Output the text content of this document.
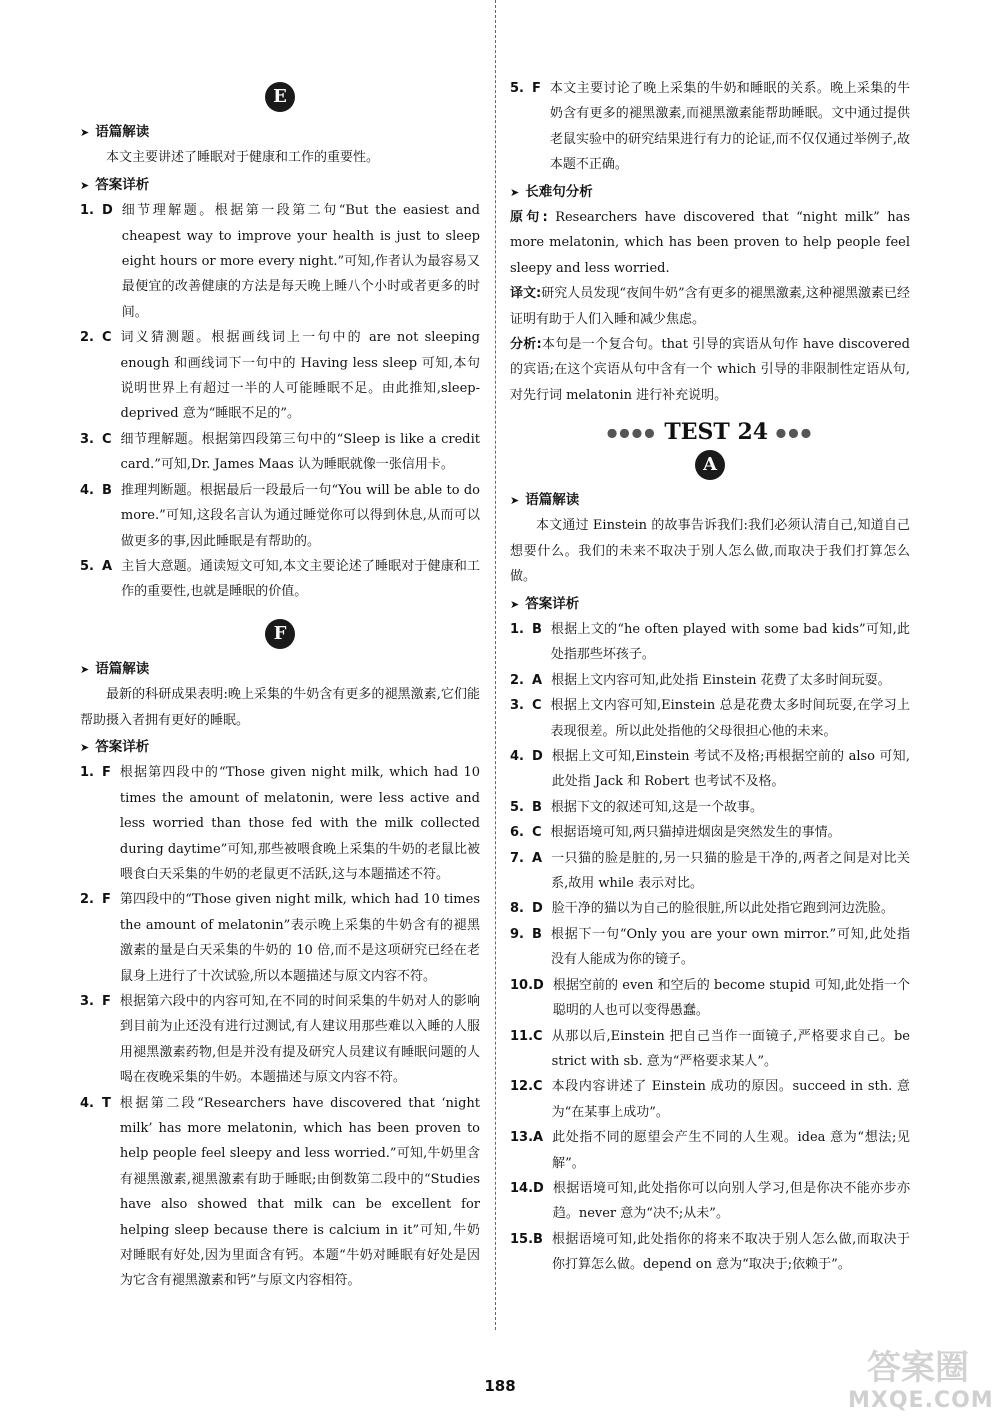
E
➤ 语篇解读
本文主要讲述了睡眠对于健康和工作的重要性。
➤ 答案详析
1. D 细节理解题。根据第一段第二句“But the easiest and cheapest way to improve your health is just to sleep eight hours or more every night.”可知,作者认为最容易又最便宜的改善健康的方法是每天晚上睡八个小时或者更多的时间。
2. C 词义猜测题。根据画线词上一句中的 are not sleeping enough 和画线词下一句中的 Having less sleep 可知,本句说明世界上有超过一半的人可能睡眠不足。由此推知,sleep-deprived 意为“睡眠不足的”。
3. C 细节理解题。根据第四段第三句中的“Sleep is like a credit card.”可知,Dr. James Maas 认为睡眠就像一张信用卡。
4. B 推理判断题。根据最后一段最后一句“You will be able to do more.”可知,这段名言认为通过睡觉你可以得到休息,从而可以做更多的事,因此睡眠是有帮助的。
5. A 主旨大意题。通读短文可知,本文主要论述了睡眠对于健康和工作的重要性,也就是睡眠的价值。
F
➤ 语篇解读
最新的科研成果表明:晚上采集的牛奶含有更多的褪黑激素,它们能帮助摄入者拥有更好的睡眠。
➤ 答案详析
1. F 根据第四段中的“Those given night milk, which had 10 times the amount of melatonin, were less active and less worried than those fed with the milk collected during daytime”可知,那些被喂食晚上采集的牛奶的老鼠比被喂食白天采集的牛奶的老鼠更不活跃,这与本题描述不符。
2. F 第四段中的“Those given night milk, which had 10 times the amount of melatonin”表示晚上采集的牛奶含有的褪黑激素的量是白天采集的牛奶的 10 倍,而不是这项研究已经在老鼠身上进行了十次试验,所以本题描述与原文内容不符。
3. F 根据第六段中的内容可知,在不同的时间采集的牛奶对人的影响到目前为止还没有进行过测试,有人建议用那些难以入睡的人服用褪黑激素药物,但是并没有提及研究人员建议有睡眠问题的人喝在夜晚采集的牛奶。本题描述与原文内容不符。
4. T 根据第二段“Researchers have discovered that ‘night milk’ has more melatonin, which has been proven to help people feel sleepy and less worried.”可知,牛奶里含有褪黑激素,褪黑激素有助于睡眠;由倒数第二段中的“Studies have also showed that milk can be excellent for helping sleep because there is calcium in it”可知,牛奶对睡眠有好处,因为里面含有钙。本题“牛奶对睡眠有好处是因为它含有褪黑激素和钙”与原文内容相符。
5. F 本文主要讨论了晚上采集的牛奶和睡眠的关系。晚上采集的牛奶含有更多的褪黑激素,而褪黑激素能帮助睡眠。文中通过提供老鼠实验中的研究结果进行有力的论证,而不仅仅通过举例子,故本题不正确。
➤ 长难句分析
原句: Researchers have discovered that “night milk” has more melatonin, which has been proven to help people feel sleepy and less worried.
译文:研究人员发现“夜间牛奶”含有更多的褪黑激素,这种褪黑激素已经证明有助于人们入睡和减少焦虑。
分析:本句是一个复合句。that 引导的宾语从句作 have discovered 的宾语;在这个宾语从句中含有一个 which 引导的非限制性定语从句,对先行词 melatonin 进行补充说明。
●●●● TEST 24 ●●●
A
➤ 语篇解读
本文通过 Einstein 的故事告诉我们:我们必须认清自己,知道自己想要什么。我们的未来不取决于别人怎么做,而取决于我们打算怎么做。
➤ 答案详析
1. B 根据上文的“he often played with some bad kids”可知,此处指那些坏孩子。
2. A 根据上文内容可知,此处指 Einstein 花费了太多时间玩耍。
3. C 根据上文内容可知,Einstein 总是花费太多时间玩耍,在学习上表现很差。所以此处指他的父母很担心他的未来。
4. D 根据上文可知,Einstein 考试不及格;再根据空前的 also 可知,此处指 Jack 和 Robert 也考试不及格。
5. B 根据下文的叙述可知,这是一个故事。
6. C 根据语境可知,两只猫掉进烟囱是突然发生的事情。
7. A 一只猫的脸是脏的,另一只猫的脸是干净的,两者之间是对比关系,故用 while 表示对比。
8. D 脸干净的猫以为自己的脸很脏,所以此处指它跑到河边洗脸。
9. B 根据下一句“Only you are your own mirror.”可知,此处指没有人能成为你的镜子。
10. D 根据空前的 even 和空后的 become stupid 可知,此处指一个聪明的人也可以变得愚蠢。
11. C 从那以后,Einstein 把自己当作一面镜子,严格要求自己。be strict with sb. 意为“严格要求某人”。
12. C 本段内容讲述了 Einstein 成功的原因。succeed in sth. 意为“在某事上成功”。
13. A 此处指不同的愿望会产生不同的人生观。idea 意为“想法;见解”。
14. D 根据语境可知,此处指你可以向别人学习,但是你决不能亦步亦趋。never 意为“决不;从未”。
15. B 根据语境可知,此处指你的将来不取决于别人怎么做,而取决于你打算怎么做。depend on 意为“取决于;依赖于”。
188	答案圈
MXQE.COM
